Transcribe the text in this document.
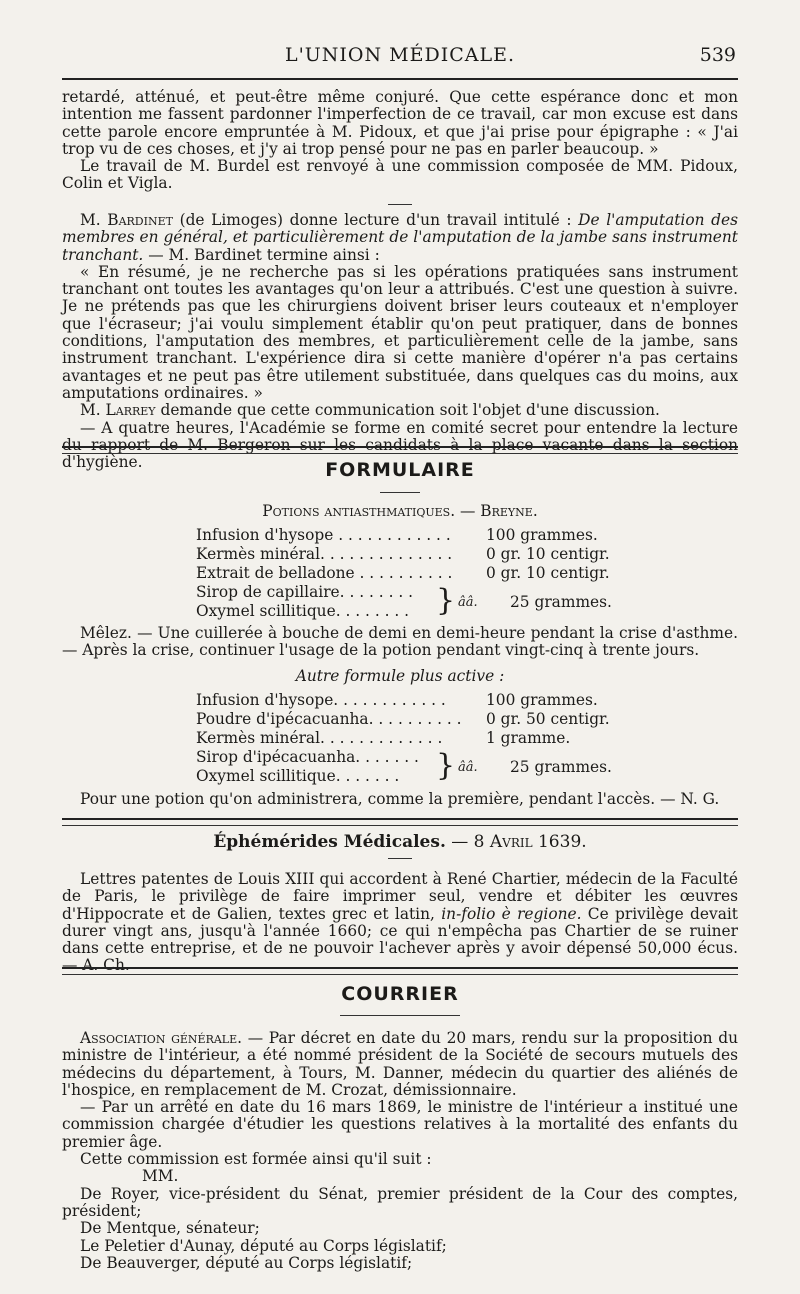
L'UNION MÉDICALE.	539

retardé, atténué, et peut-être même conjuré. Que cette espérance donc et mon intention me fassent pardonner l'imperfection de ce travail, car mon excuse est dans cette parole encore empruntée à M. Pidoux, et que j'ai prise pour épigraphe : « J'ai trop vu de ces choses, et j'y ai trop pensé pour ne pas en parler beaucoup. »

Le travail de M. Burdel est renvoyé à une commission composée de MM. Pidoux, Colin et Vigla.

M. Bardinet (de Limoges) donne lecture d'un travail intitulé : De l'amputation des membres en général, et particulièrement de l'amputation de la jambe sans instrument tranchant. — M. Bardinet termine ainsi :

« En résumé, je ne recherche pas si les opérations pratiquées sans instrument tranchant ont toutes les avantages qu'on leur a attribués. C'est une question à suivre. Je ne prétends pas que les chirurgiens doivent briser leurs couteaux et n'employer que l'écraseur; j'ai voulu simplement établir qu'on peut pratiquer, dans de bonnes conditions, l'amputation des membres, et particulièrement celle de la jambe, sans instrument tranchant. L'expérience dira si cette manière d'opérer n'a pas certains avantages et ne peut pas être utilement substituée, dans quelques cas du moins, aux amputations ordinaires. »

M. Larrey demande que cette communication soit l'objet d'une discussion.

— A quatre heures, l'Académie se forme en comité secret pour entendre la lecture du rapport de M. Bergeron sur les candidats à la place vacante dans la section d'hygiène.	FORMULAIRE
Potions antiasthmatiques. — Breyne.
Infusion d'hysope . . . . . . . . . . . .	100 grammes.
Kermès minéral. . . . . . . . . . . . . .	0 gr. 10 centigr.
Extrait de belladone . . . . . . . . . .	0 gr. 10 centigr.
Sirop de capillaire. . . . . . . .
Oxymel scillitique. . . . . . . . } ââ. 25 grammes.

Mêlez. — Une cuillerée à bouche de demi en demi-heure pendant la crise d'asthme. — Après la crise, continuer l'usage de la potion pendant vingt-cinq à trente jours.

Autre formule plus active :
Infusion d'hysope. . . . . . . . . . . .	100 grammes.
Poudre d'ipécacuanha. . . . . . . . . .	0 gr. 50 centigr.
Kermès minéral. . . . . . . . . . . . .	1 gramme.
Sirop d'ipécacuanha. . . . . . .
Oxymel scillitique. . . . . . . } ââ. 25 grammes.

Pour une potion qu'on administrera, comme la première, pendant l'accès. — N. G.

Éphémérides Médicales. — 8 Avril 1639.

Lettres patentes de Louis XIII qui accordent à René Chartier, médecin de la Faculté de Paris, le privilège de faire imprimer seul, vendre et débiter les œuvres d'Hippocrate et de Galien, textes grec et latin, in-folio è regione. Ce privilège devait durer vingt ans, jusqu'à l'année 1660; ce qui n'empêcha pas Chartier de se ruiner dans cette entreprise, et de ne pouvoir l'achever après y avoir dépensé 50,000 écus. — A. Ch.

COURRIER

Association générale. — Par décret en date du 20 mars, rendu sur la proposition du ministre de l'intérieur, a été nommé président de la Société de secours mutuels des médecins du département, à Tours, M. Danner, médecin du quartier des aliénés de l'hospice, en remplacement de M. Crozat, démissionnaire.

— Par un arrêté en date du 16 mars 1869, le ministre de l'intérieur a institué une commission chargée d'étudier les questions relatives à la mortalité des enfants du premier âge.

Cette commission est formée ainsi qu'il suit :

MM.

De Royer, vice-président du Sénat, premier président de la Cour des comptes, président;

De Mentque, sénateur;

Le Peletier d'Aunay, député au Corps législatif;

De Beauverger, député au Corps législatif;
